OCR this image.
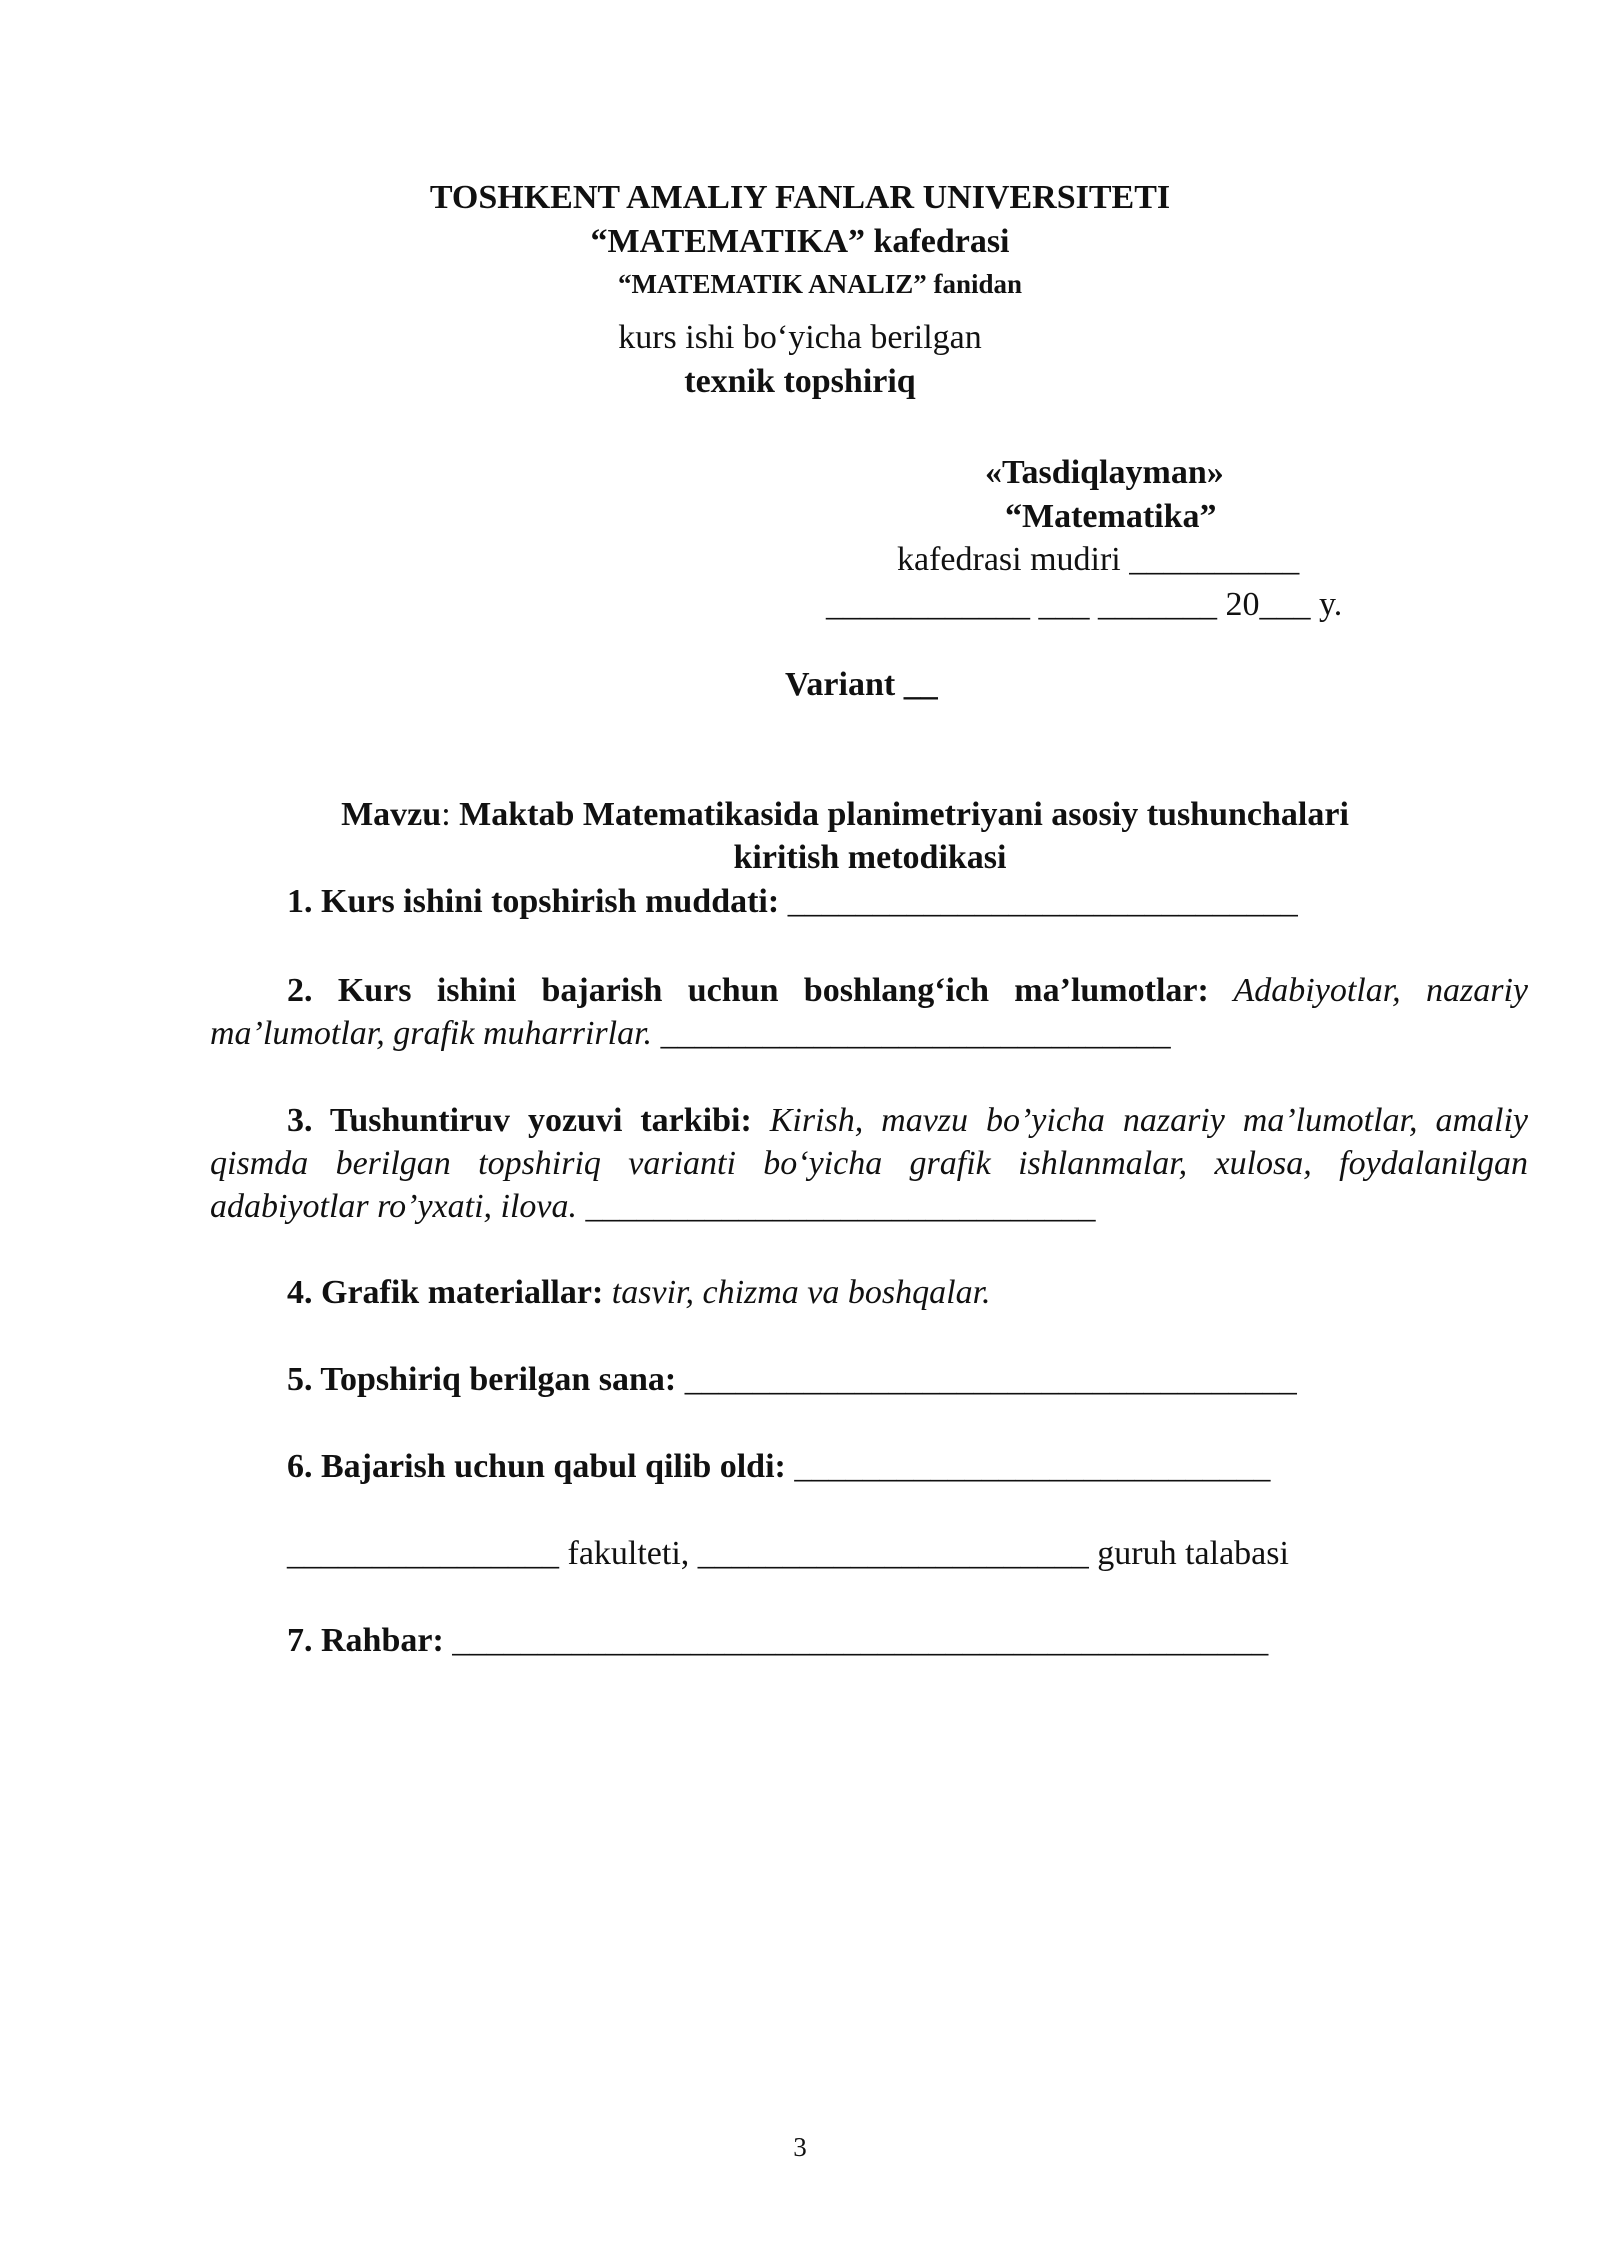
TOSHKENT AMALIY FANLAR UNIVERSITETI
“MATEMATIKA” kafedrasi
“MATEMATIK ANALIZ” fanidan
kurs ishi bo‘yicha berilgan
texnik topshiriq
«Tasdiqlayman»
“Matematika”
kafedrasi mudiri __________
____________ ___ _______ 20___ y.
Variant __
Mavzu: Maktab Matematikasida planimetriyani asosiy tushunchalari
kiritish metodikasi
1. Kurs ishini topshirish muddati: ______________________________
2. Kurs ishini bajarish uchun boshlang‘ich ma’lumotlar: Adabiyotlar, nazariy ma’lumotlar, grafik muharrirlar. ______________________________
3. Tushuntiruv yozuvi tarkibi: Kirish, mavzu bo’yicha nazariy ma’lumotlar, amaliy qismda berilgan topshiriq varianti bo‘yicha grafik ishlanmalar, xulosa, foydalanilgan adabiyotlar ro’yxati, ilova. ______________________________
4. Grafik materiallar: tasvir, chizma va boshqalar.
5. Topshiriq berilgan sana: ____________________________________
6. Bajarish uchun qabul qilib oldi: ____________________________
________________ fakulteti, _______________________ guruh talabasi
7. Rahbar: ________________________________________________
3
